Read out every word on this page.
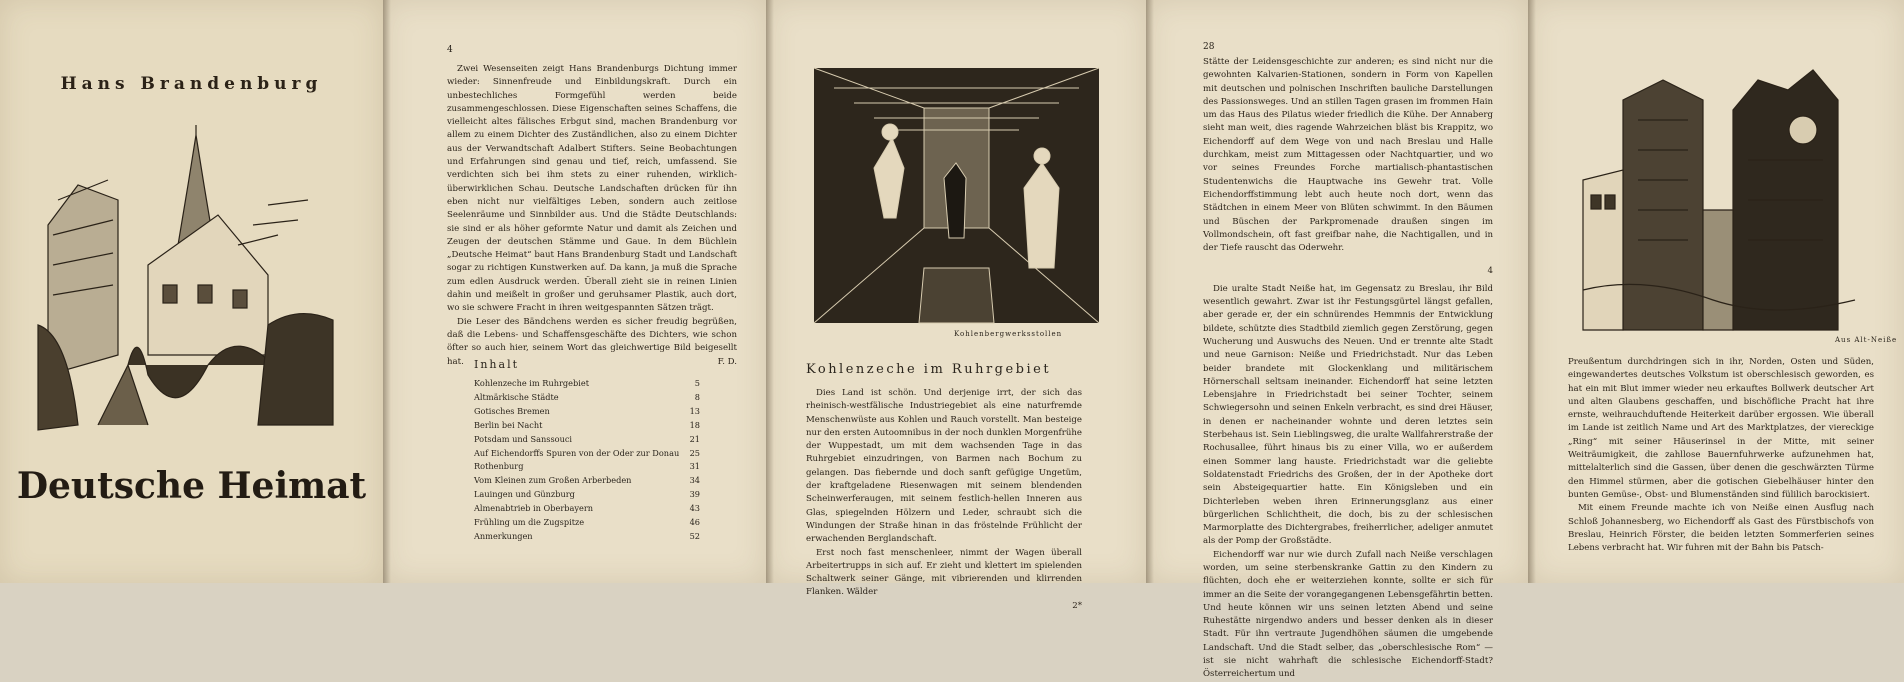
Hans Brandenburg
Deutsche Heimat
4
Zwei Wesenseiten zeigt Hans Brandenburgs Dichtung immer wieder: Sinnenfreude und Einbildungskraft. Durch ein unbestechliches Formgefühl werden beide zusammengeschlossen. Diese Eigenschaften seines Schaffens, die vielleicht altes fälisches Erbgut sind, machen Brandenburg vor allem zu einem Dichter des Zuständlichen, also zu einem Dichter aus der Verwandtschaft Adalbert Stifters. Seine Beobachtungen und Erfahrungen sind genau und tief, reich, umfassend. Sie verdichten sich bei ihm stets zu einer ruhenden, wirklich-überwirklichen Schau. Deutsche Landschaften drücken für ihn eben nicht nur vielfältiges Leben, sondern auch zeitlose Seelenräume und Sinnbilder aus. Und die Städte Deutschlands: sie sind er als höher geformte Natur und damit als Zeichen und Zeugen der deutschen Stämme und Gaue. In dem Büchlein „Deutsche Heimat“ baut Hans Brandenburg Stadt und Landschaft sogar zu richtigen Kunstwerken auf. Da kann, ja muß die Sprache zum edlen Ausdruck werden. Überall zieht sie in reinen Linien dahin und meißelt in großer und geruhsamer Plastik, auch dort, wo sie schwere Fracht in ihren weitgespannten Sätzen trägt.
Die Leser des Bändchens werden es sicher freudig begrüßen, daß die Lebens- und Schaffensgeschäfte des Dichters, wie schon öfter so auch hier, seinem Wort das gleichwertige Bild beigesellt hat.	F. D.
Inhalt
Kohlenzeche im Ruhrgebiet	5
Altmärkische Städte	8
Gotisches Bremen	13
Berlin bei Nacht	18
Potsdam und Sanssouci	21
Auf Eichendorffs Spuren von der Oder zur Donau 25
Rothenburg	31
Vom Kleinen zum Großen Arberbeden	34
Lauingen und Günzburg	39
Almenabtrieb in Oberbayern	43
Frühling um die Zugspitze	46
Anmerkungen	52
Kohlenbergwerksstollen
Kohlenzeche im Ruhrgebiet
Dies Land ist schön. Und derjenige irrt, der sich das rheinisch-westfälische Industriegebiet als eine naturfremde Menschenwüste aus Kohlen und Rauch vorstellt. Man besteige nur den ersten Autoomnibus in der noch dunklen Morgenfrühe der Wuppestadt, um mit dem wachsenden Tage in das Ruhrgebiet einzudringen, von Barmen nach Bochum zu gelangen. Das fiebernde und doch sanft gefügige Ungetüm, der kraftgeladene Riesenwagen mit seinem blendenden Scheinwerferaugen, mit seinem festlich-hellen Inneren aus Glas, spiegelnden Hölzern und Leder, schraubt sich die Windungen der Straße hinan in das fröstelnde Frühlicht der erwachenden Berglandschaft.
Erst noch fast menschenleer, nimmt der Wagen überall Arbeitertrupps in sich auf. Er zieht und klettert im spielenden Schaltwerk seiner Gänge, mit vibrierenden und klirrenden Flanken. Wälder
2*
28
Stätte der Leidensgeschichte zur anderen; es sind nicht nur die gewohnten Kalvarien-Stationen, sondern in Form von Kapellen mit deutschen und polnischen Inschriften bauliche Darstellungen des Passionsweges. Und an stillen Tagen grasen im frommen Hain um das Haus des Pilatus wieder friedlich die Kühe. Der Annaberg sieht man weit, dies ragende Wahrzeichen bläst bis Krappitz, wo Eichendorff auf dem Wege von und nach Breslau und Halle durchkam, meist zum Mittagessen oder Nachtquartier, und wo vor seines Freundes Forche martialisch-phantastischen Studentenwichs die Hauptwache ins Gewehr trat. Volle Eichendorffstimmung lebt auch heute noch dort, wenn das Städtchen in einem Meer von Blüten schwimmt. In den Bäumen und Büschen der Parkpromenade draußen singen im Vollmondschein, oft fast greifbar nahe, die Nachtigallen, und in der Tiefe rauscht das Oderwehr.
4
Die uralte Stadt Neiße hat, im Gegensatz zu Breslau, ihr Bild wesentlich gewahrt. Zwar ist ihr Festungsgürtel längst gefallen, aber gerade er, der ein schnürendes Hemmnis der Entwicklung bildete, schützte dies Stadtbild ziemlich gegen Zerstörung, gegen Wucherung und Auswuchs des Neuen. Und er trennte alte Stadt und neue Garnison: Neiße und Friedrichstadt. Nur das Leben beider brandete mit Glockenklang und militärischem Hörnerschall seltsam ineinander. Eichendorff hat seine letzten Lebensjahre in Friedrichstadt bei seiner Tochter, seinem Schwiegersohn und seinen Enkeln verbracht, es sind drei Häuser, in denen er nacheinander wohnte und deren letztes sein Sterbehaus ist. Sein Lieblingsweg, die uralte Wallfahrerstraße der Rochusallee, führt hinaus bis zu einer Villa, wo er außerdem einen Sommer lang hauste. Friedrichstadt war die geliebte Soldatenstadt Friedrichs des Großen, der in der Apotheke dort sein Absteigequartier hatte. Ein Königsleben und ein Dichterleben weben ihren Erinnerungsglanz aus einer bürgerlichen Schlichtheit, die doch, bis zu der schlesischen Marmorplatte des Dichtergrabes, freiherrlicher, adeliger anmutet als der Pomp der Großstädte.
Eichendorff war nur wie durch Zufall nach Neiße verschlagen worden, um seine sterbenskranke Gattin zu den Kindern zu flüchten, doch ehe er weiterziehen konnte, sollte er sich für immer an die Seite der vorangegangenen Lebensgefährtin betten. Und heute können wir uns seinen letzten Abend und seine Ruhestätte nirgendwo anders und besser denken als in dieser Stadt. Für ihn vertraute Jugendhöhen säumen die umgebende Landschaft. Und die Stadt selber, das „oberschlesische Rom“ — ist sie nicht wahrhaft die schlesische Eichendorff-Stadt? Österreichertum und
Aus Alt-Neiße
Preußentum durchdringen sich in ihr, Norden, Osten und Süden, eingewandertes deutsches Volkstum ist oberschlesisch geworden, es hat ein mit Blut immer wieder neu erkauftes Bollwerk deutscher Art und alten Glaubens geschaffen, und bischöfliche Pracht hat ihre ernste, weihrauchduftende Heiterkeit darüber ergossen. Wie überall im Lande ist zeitlich Name und Art des Marktplatzes, der viereckige „Ring“ mit seiner Häuserinsel in der Mitte, mit seiner Weiträumigkeit, die zahllose Bauernfuhrwerke aufzunehmen hat, mittelalterlich sind die Gassen, über denen die geschwärzten Türme den Himmel stürmen, aber die gotischen Giebelhäuser hinter den bunten Gemüse-, Obst- und Blumenständen sind fülilich barockisiert.
Mit einem Freunde machte ich von Neiße einen Ausflug nach Schloß Johannesberg, wo Eichendorff als Gast des Fürstbischofs von Breslau, Heinrich Förster, die beiden letzten Sommerferien seines Lebens verbracht hat. Wir fuhren mit der Bahn bis Patsch-
